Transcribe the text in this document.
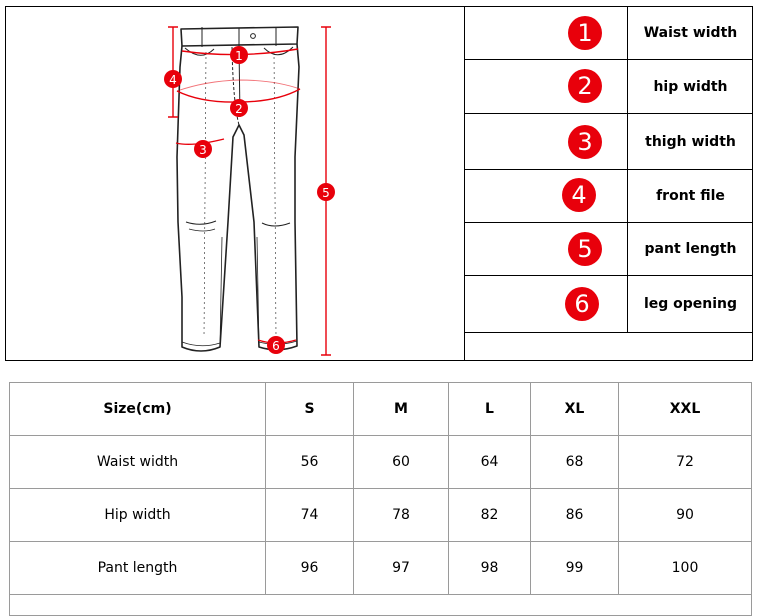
1
2
3
4
5
6
1	Waist width
2	hip width
3	thigh width
4	front file
5	pant length
6	leg opening
Size(cm)	S	M	L	XL	XXL
Waist width	56	60	64	68	72
Hip width	74	78	82	86	90
Pant length	96	97	98	99	100
